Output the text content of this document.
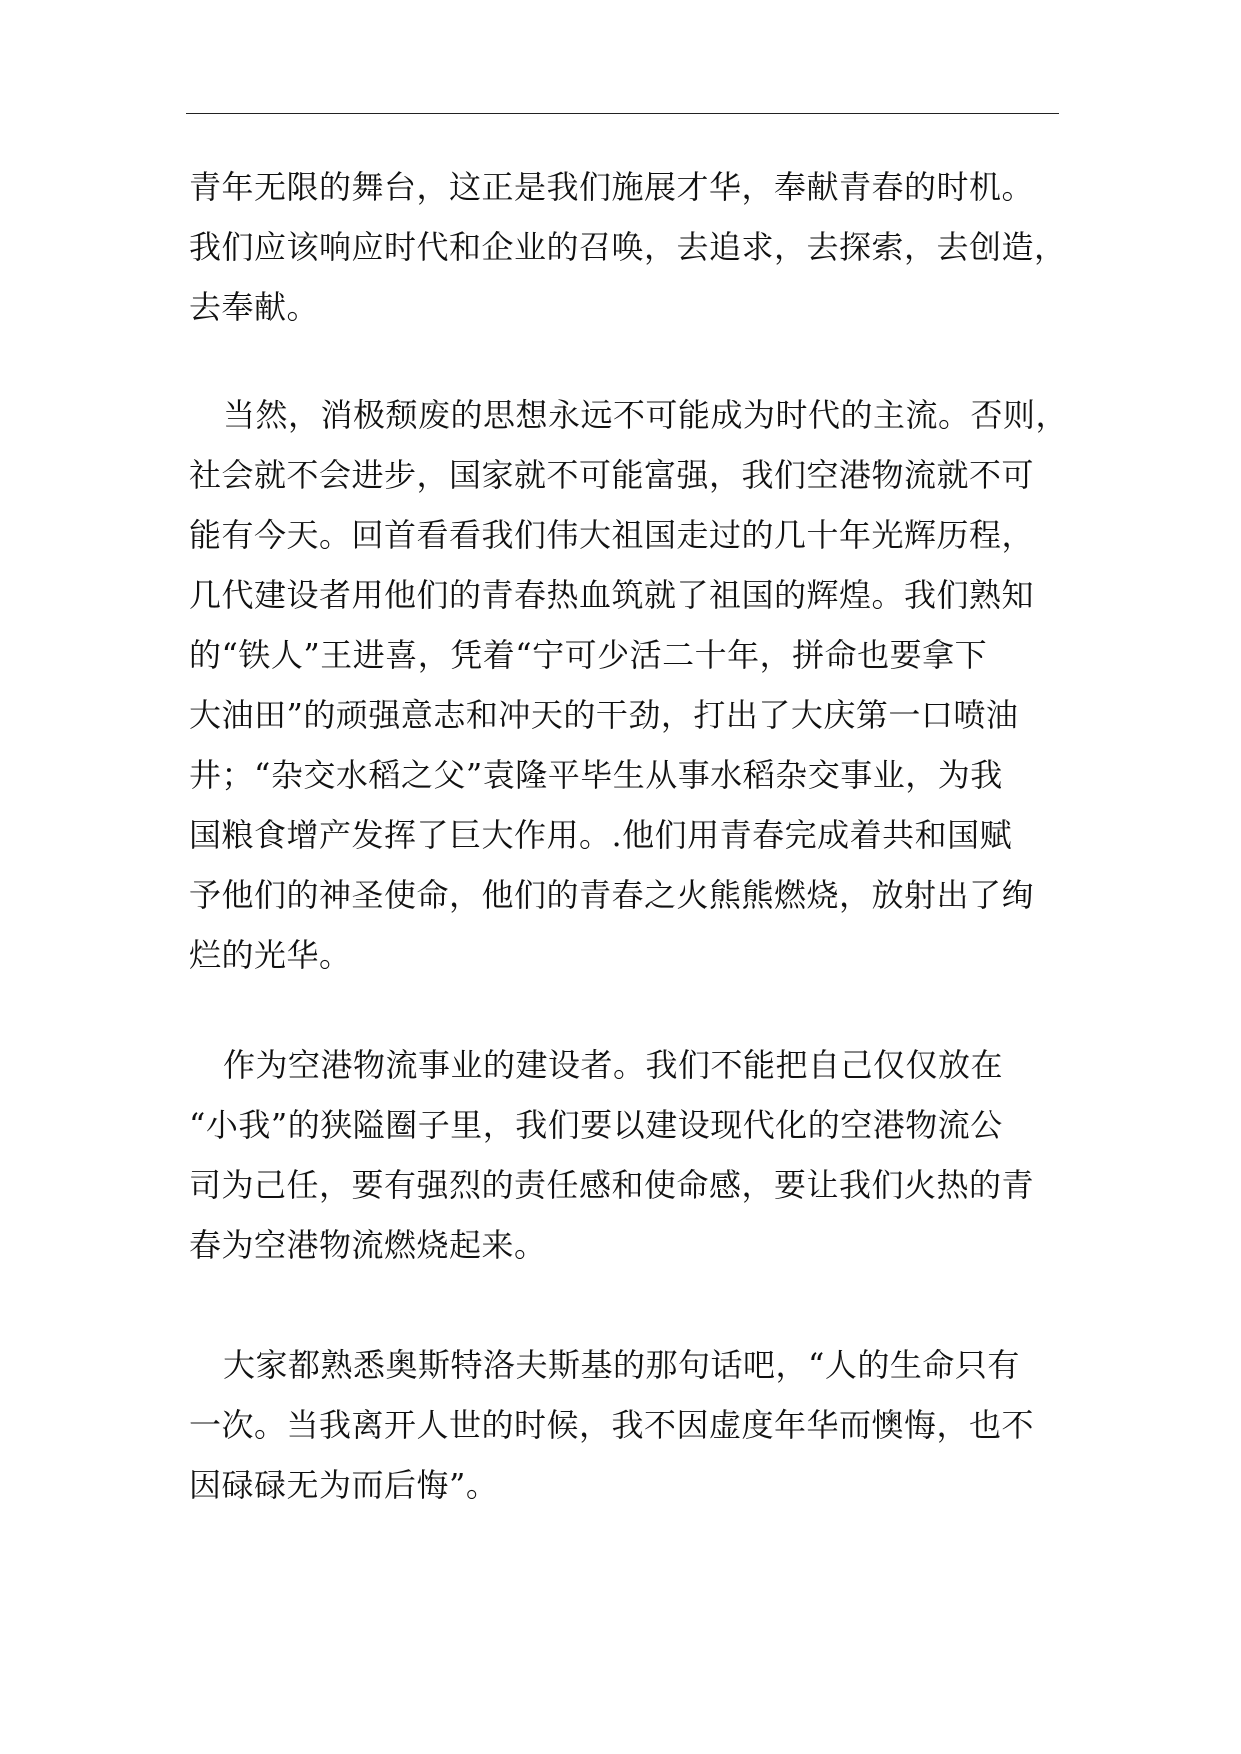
青年无限的舞台，这正是我们施展才华，奉献青春的时机。
我们应该响应时代和企业的召唤，去追求，去探索，去创造，
去奉献。
当然，消极颓废的思想永远不可能成为时代的主流。否则，
社会就不会进步，国家就不可能富强，我们空港物流就不可
能有今天。回首看看我们伟大祖国走过的几十年光辉历程，
几代建设者用他们的青春热血筑就了祖国的辉煌。我们熟知
的“铁人”王进喜，凭着“宁可少活二十年，拼命也要拿下
大油田”的顽强意志和冲天的干劲，打出了大庆第一口喷油
井；“杂交水稻之父”袁隆平毕生从事水稻杂交事业，为我
国粮食增产发挥了巨大作用。.他们用青春完成着共和国赋
予他们的神圣使命，他们的青春之火熊熊燃烧，放射出了绚
烂的光华。
作为空港物流事业的建设者。我们不能把自己仅仅放在
“小我”的狭隘圈子里，我们要以建设现代化的空港物流公
司为己任，要有强烈的责任感和使命感，要让我们火热的青
春为空港物流燃烧起来。
大家都熟悉奥斯特洛夫斯基的那句话吧，“人的生命只有
一次。当我离开人世的时候，我不因虚度年华而懊悔，也不
因碌碌无为而后悔”。
